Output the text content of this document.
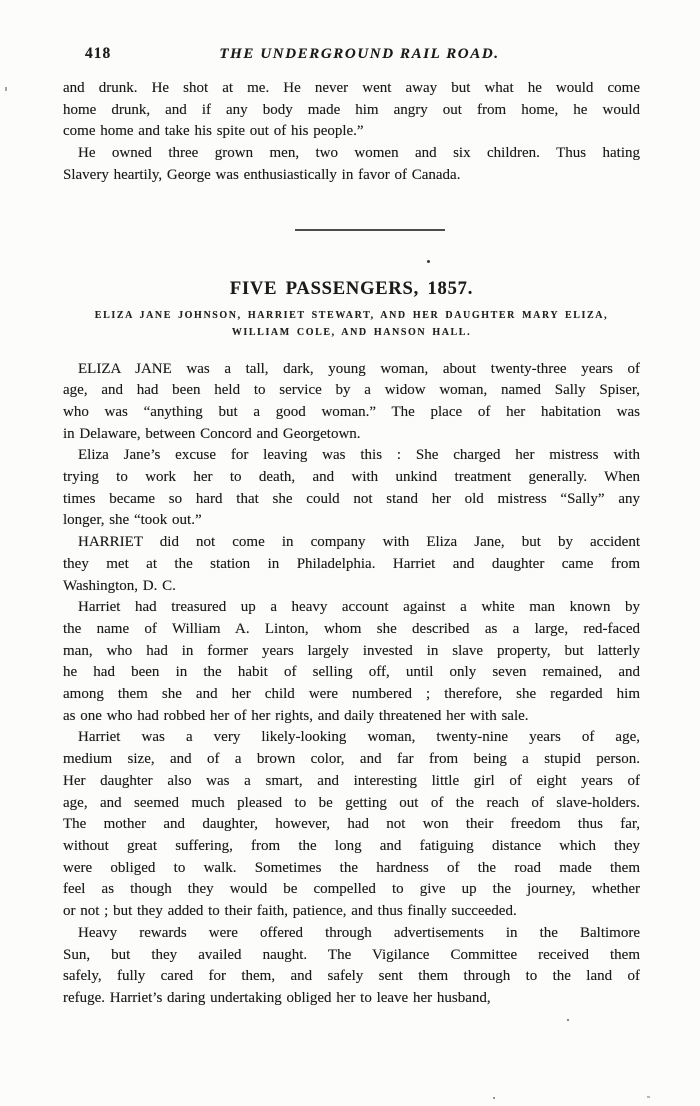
418	THE UNDERGROUND RAIL ROAD.

and drunk. He shot at me. He never went away but what he would come
home drunk, and if any body made him angry out from home, he would
come home and take his spite out of his people.”

He owned three grown men, two women and six children. Thus hating
Slavery heartily, George was enthusiastically in favor of Canada.

FIVE PASSENGERS, 1857.
ELIZA JANE JOHNSON, HARRIET STEWART, AND HER DAUGHTER MARY ELIZA,
WILLIAM COLE, AND HANSON HALL.

ELIZA JANE was a tall, dark, young woman, about twenty-three years of
age, and had been held to service by a widow woman, named Sally Spiser,
who was “anything but a good woman.” The place of her habitation was
in Delaware, between Concord and Georgetown.

Eliza Jane’s excuse for leaving was this : She charged her mistress with
trying to work her to death, and with unkind treatment generally. When
times became so hard that she could not stand her old mistress “Sally” any
longer, she “took out.”

HARRIET did not come in company with Eliza Jane, but by accident
they met at the station in Philadelphia. Harriet and daughter came from
Washington, D. C.

Harriet had treasured up a heavy account against a white man known by
the name of William A. Linton, whom she described as a large, red-faced
man, who had in former years largely invested in slave property, but latterly
he had been in the habit of selling off, until only seven remained, and
among them she and her child were numbered ; therefore, she regarded him
as one who had robbed her of her rights, and daily threatened her with sale.

Harriet was a very likely-looking woman, twenty-nine years of age,
medium size, and of a brown color, and far from being a stupid person.
Her daughter also was a smart, and interesting little girl of eight years of
age, and seemed much pleased to be getting out of the reach of slave-holders.
The mother and daughter, however, had not won their freedom thus far,
without great suffering, from the long and fatiguing distance which they
were obliged to walk. Sometimes the hardness of the road made them
feel as though they would be compelled to give up the journey, whether
or not ; but they added to their faith, patience, and thus finally succeeded.

Heavy rewards were offered through advertisements in the Baltimore
Sun, but they availed naught. The Vigilance Committee received them
safely, fully cared for them, and safely sent them through to the land of
refuge. Harriet’s daring undertaking obliged her to leave her husband,
